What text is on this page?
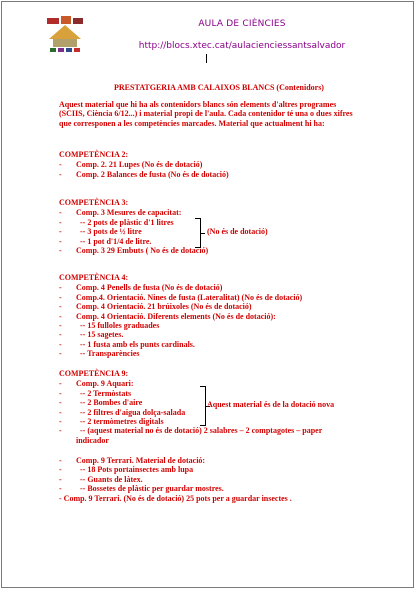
AULA DE CIÈNCIES
http://blocs.xtec.cat/aulacienciessantsalvador
PRESTATGERIA AMB CALAIXOS BLANCS (Contenidors)
Aquest material que hi ha als contenidors blancs són elements d'altres programes (SCIIS, Ciència 6/12...) i material propi de l'aula. Cada contenidor té una o dues xifres que corresponen a les competències marcades. Material que actualment hi ha:
COMPETÈNCIA 2:
- Comp. 2. 21 Lupes (No és de dotació)
- Comp. 2 Balances de fusta (No és de dotació)
COMPETÈNCIA 3:
- Comp. 3 Mesures de capacitat:
- -- 2 pots de plàstic d'1 litres
- -- 3 pots de ½ litre
- -- 1 pot d'1/4 de litre.
- Comp. 3 29 Embuts ( No és de dotació)
(No és de dotació)
COMPETÈNCIA 4:
- Comp. 4 Penells de fusta (No és de dotació)
- Comp.4. Orientació. Nines de fusta (Lateralitat) (No és de dotació)
- Comp. 4 Orientació. 21 brúixoles (No és de dotació)
- Comp. 4 Orientació. Diferents elements (No és de dotació):
- -- 15 fulloles graduades
- -- 15 sagetes.
- -- 1 fusta amb els punts cardinals.
- -- Transparències
COMPETÈNCIA 9:
- Comp. 9 Aquari:
- -- 2 Termòstats
- -- 2 Bombes d'aire
- -- 2 filtres d'aigua dolça-salada
- -- 2 termòmetres digitals
- -- (aquest material no és de dotació) 2 salabres – 2 comptagotes – paper
indicador
Aquest material és de la dotació nova
- Comp. 9 Terrari. Material de dotació:
- -- 18 Pots portainsectes amb lupa
- -- Guants de làtex.
- -- Bossetes de plàstic per guardar mostres.
- Comp. 9 Terrari. (No és de dotació) 25 pots per a guardar insectes .
